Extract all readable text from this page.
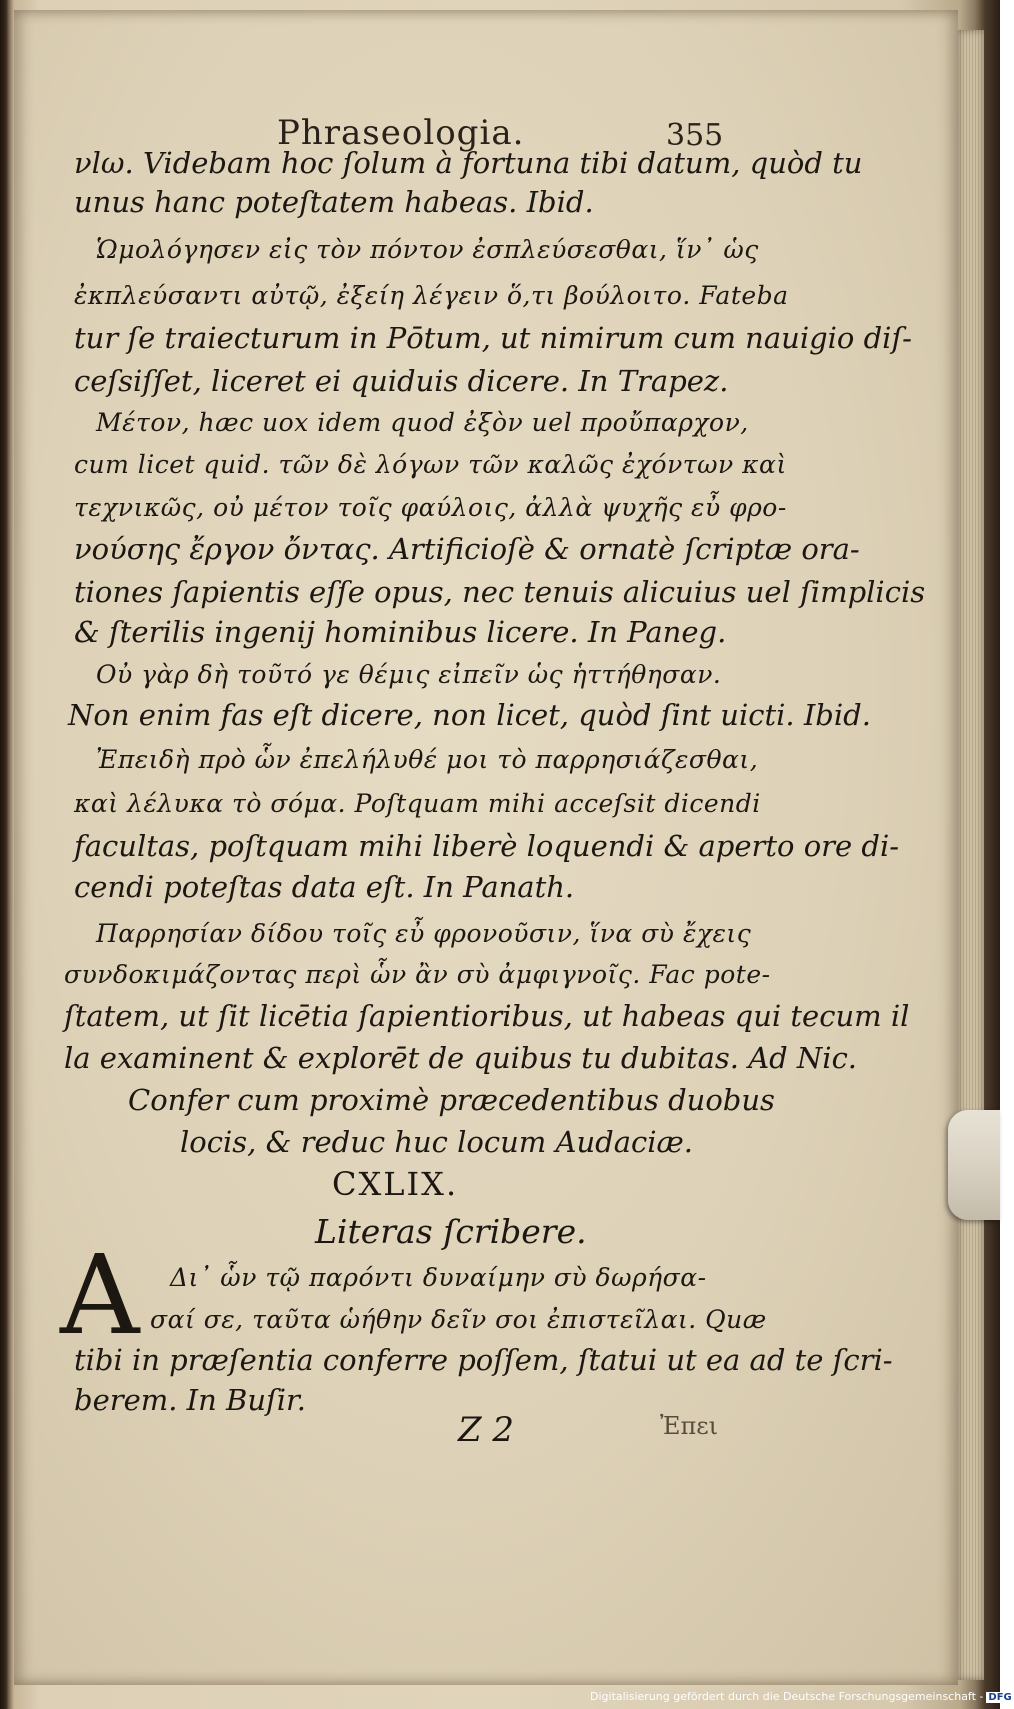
Phraseologia.	355
νlω. Videbam hoc ſolum à fortuna tibi datum, quòd tu
unus hanc poteſtatem habeas. Ibid.
Ὡμολόγησεν εἰς τὸν πόντον ἐσπλεύσεσθαι, ἵν᾿ ὡς
ἐκπλεύσαντι αὐτῷ, ἐξείη λέγειν ὅ,τι βούλοιτο. Fateba
tur ſe traiecturum in Pōtum, ut nimirum cum nauigio diſ-
ceſsiſſet, liceret ei quiduis dicere. In Trapez.
Μέτον, hæc uox idem quod ἐξὸν uel προὔπαρχον,
cum licet quid. τῶν δὲ λόγων τῶν καλῶς ἐχόντων καὶ
τεχνικῶς, οὐ μέτον τοῖς φαύλοις, ἀλλὰ ψυχῆς εὖ φρο-
νούσης ἔργον ὄντας. Artificioſè & ornatè ſcriptæ ora-
tiones ſapientis eſſe opus, nec tenuis alicuius uel ſimplicis
& ſterilis ingenij hominibus licere. In Paneg.
Οὐ γὰρ δὴ τοῦτό γε θέμις εἰπεῖν ὡς ἡττήθησαν.
Non enim fas eſt dicere, non licet, quòd ſint uicti. Ibid.
Ἐπειδὴ πρὸ ὧν ἐπελήλυθέ μοι τὸ παρρησιάζεσθαι,
καὶ λέλυκα τὸ σόμα. Poſtquam mihi acceſsit dicendi
facultas, poſtquam mihi liberè loquendi & aperto ore di-
cendi poteſtas data eſt. In Panath.
Παρρησίαν δίδου τοῖς εὖ φρονοῦσιν, ἵνα σὺ ἔχεις
συνδοκιμάζοντας περὶ ὧν ἂν σὺ ἀμφιγνοῖς. Fac pote-
ſtatem, ut ſit licētia ſapientioribus, ut habeas qui tecum il
la examinent & explorēt de quibus tu dubitas. Ad Nic.
Confer cum proximè præcedentibus duobus
locis, & reduc huc locum Audaciæ.
CXLIX.
Literas ſcribere.
A Δι᾿ ὧν τῷ παρόντι δυναίμην σὺ δωρήσα-
σαί σε, ταῦτα ὡήθην δεῖν σοι ἐπιστεῖλαι. Quæ
tibi in præſentia conferre poſſem, ſtatui ut ea ad te ſcri-
berem. In Buſir.
Z 2	Ἐπει
Digitalisierung gefördert durch die Deutsche Forschungsgemeinschaft - DFG
